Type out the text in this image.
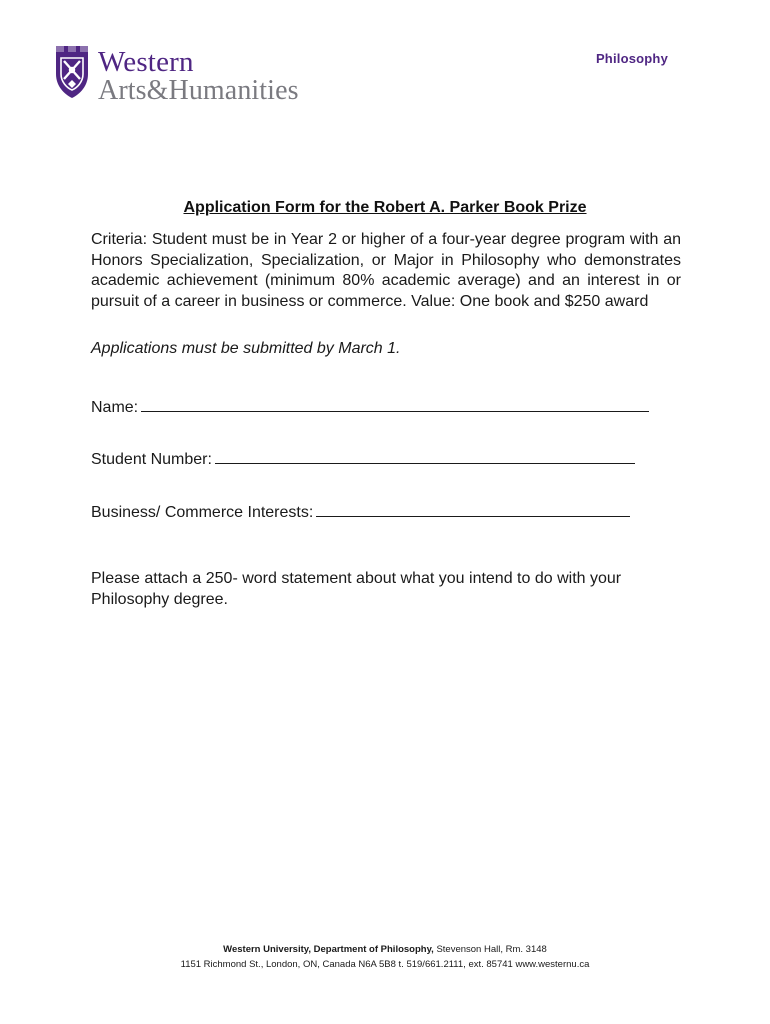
Western
Arts&Humanities
Philosophy
Application Form for the Robert A. Parker Book Prize
Criteria: Student must be in Year 2 or higher of a four-year degree program with an Honors Specialization, Specialization, or Major in Philosophy who demonstrates academic achievement (minimum 80% academic average) and an interest in or pursuit of a career in business or commerce. Value: One book and $250 award
Applications must be submitted by March 1.
Name:
Student Number:
Business/ Commerce Interests:
Please attach a 250- word statement about what you intend to do with your Philosophy degree.
Western University, Department of Philosophy, Stevenson Hall, Rm. 3148
1151 Richmond St., London, ON, Canada N6A 5B8 t. 519/661.2111, ext. 85741 www.westernu.ca
